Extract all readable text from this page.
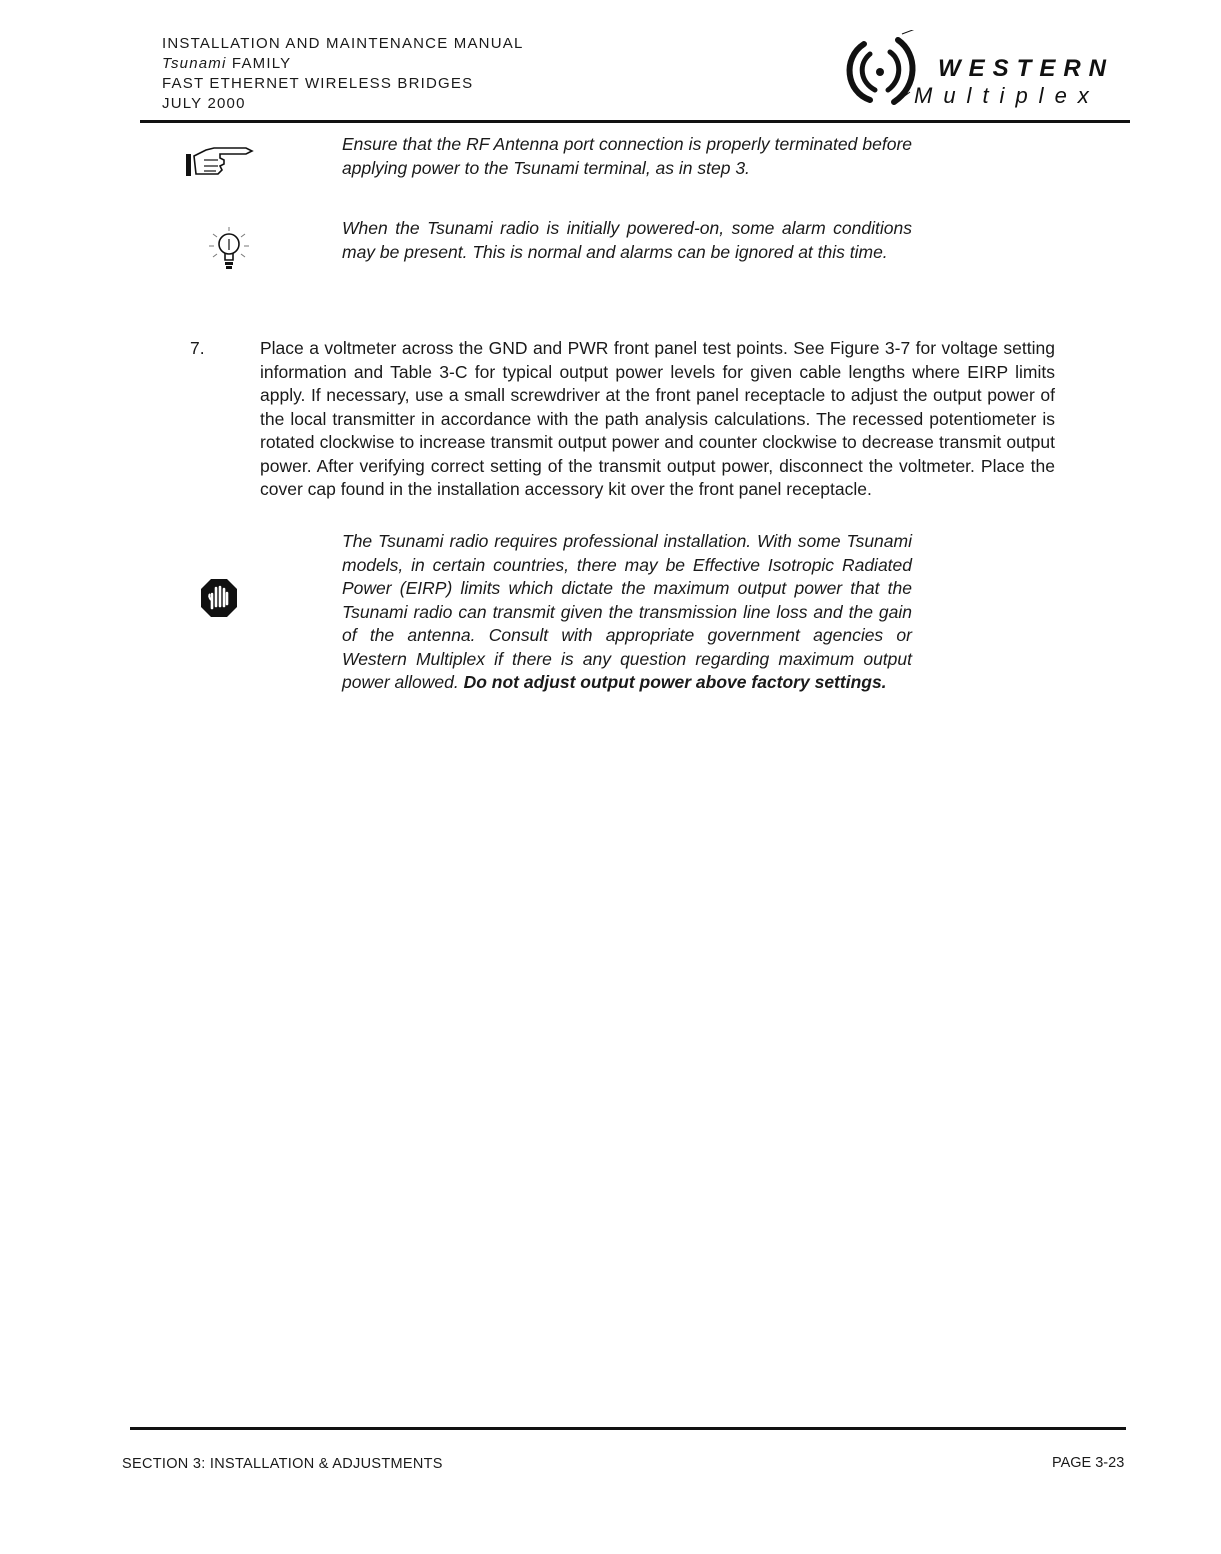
INSTALLATION AND MAINTENANCE MANUAL
Tsunami FAMILY
FAST ETHERNET WIRELESS BRIDGES
JULY 2000
WESTERN
Multiplex
Ensure that the RF Antenna port connection is properly terminated before applying power to the Tsunami terminal, as in step 3.
When the Tsunami radio is initially powered-on, some alarm conditions may be present. This is normal and alarms can be ignored at this time.
7.	Place a voltmeter across the GND and PWR front panel test points. See Figure 3-7 for voltage setting information and Table 3-C for typical output power levels for given cable lengths where EIRP limits apply. If necessary, use a small screwdriver at the front panel receptacle to adjust the output power of the local transmitter in accordance with the path analysis calculations. The recessed potentiometer is rotated clockwise to increase transmit output power and counter clockwise to decrease transmit output power. After verifying correct setting of the transmit output power, disconnect the voltmeter. Place the cover cap found in the installation accessory kit over the front panel receptacle.
The Tsunami radio requires professional installation. With some Tsunami models, in certain countries, there may be Effective Isotropic Radiated Power (EIRP) limits which dictate the maximum output power that the Tsunami radio can transmit given the transmission line loss and the gain of the antenna. Consult with appropriate government agencies or Western Multiplex if there is any question regarding maximum output power allowed. Do not adjust output power above factory settings.
SECTION 3: INSTALLATION & ADJUSTMENTS	PAGE 3-23
